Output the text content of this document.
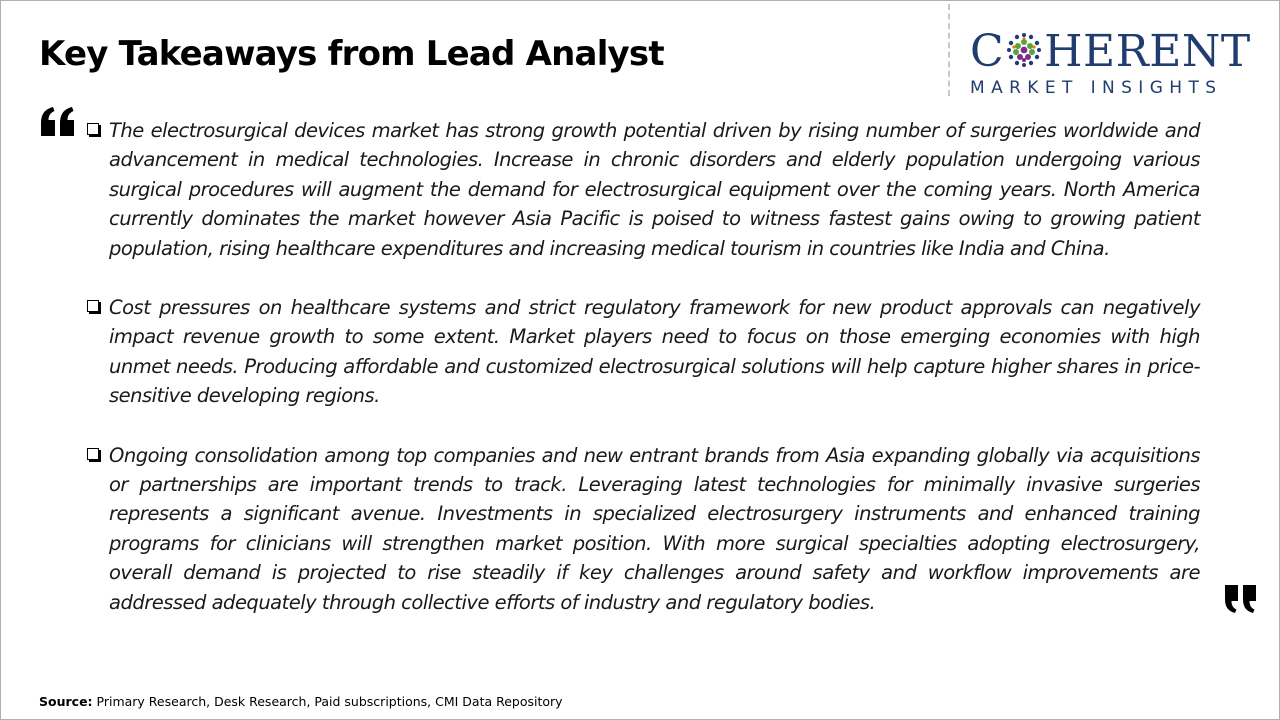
Key Takeaways from Lead Analyst	C HERENT
MARKET INSIGHTS
The electrosurgical devices market has strong growth potential driven by rising number of surgeries worldwide and advancement in medical technologies. Increase in chronic disorders and elderly population undergoing various surgical procedures will augment the demand for electrosurgical equipment over the coming years. North America currently dominates the market however Asia Pacific is poised to witness fastest gains owing to growing patient population, rising healthcare expenditures and increasing medical tourism in countries like India and China.
Cost pressures on healthcare systems and strict regulatory framework for new product approvals can negatively impact revenue growth to some extent. Market players need to focus on those emerging economies with high unmet needs. Producing affordable and customized electrosurgical solutions will help capture higher shares in price-sensitive developing regions.
Ongoing consolidation among top companies and new entrant brands from Asia expanding globally via acquisitions or partnerships are important trends to track. Leveraging latest technologies for minimally invasive surgeries represents a significant avenue. Investments in specialized electrosurgery instruments and enhanced training programs for clinicians will strengthen market position. With more surgical specialties adopting electrosurgery, overall demand is projected to rise steadily if key challenges around safety and workflow improvements are addressed adequately through collective efforts of industry and regulatory bodies.
Source: Primary Research, Desk Research, Paid subscriptions, CMI Data Repository
